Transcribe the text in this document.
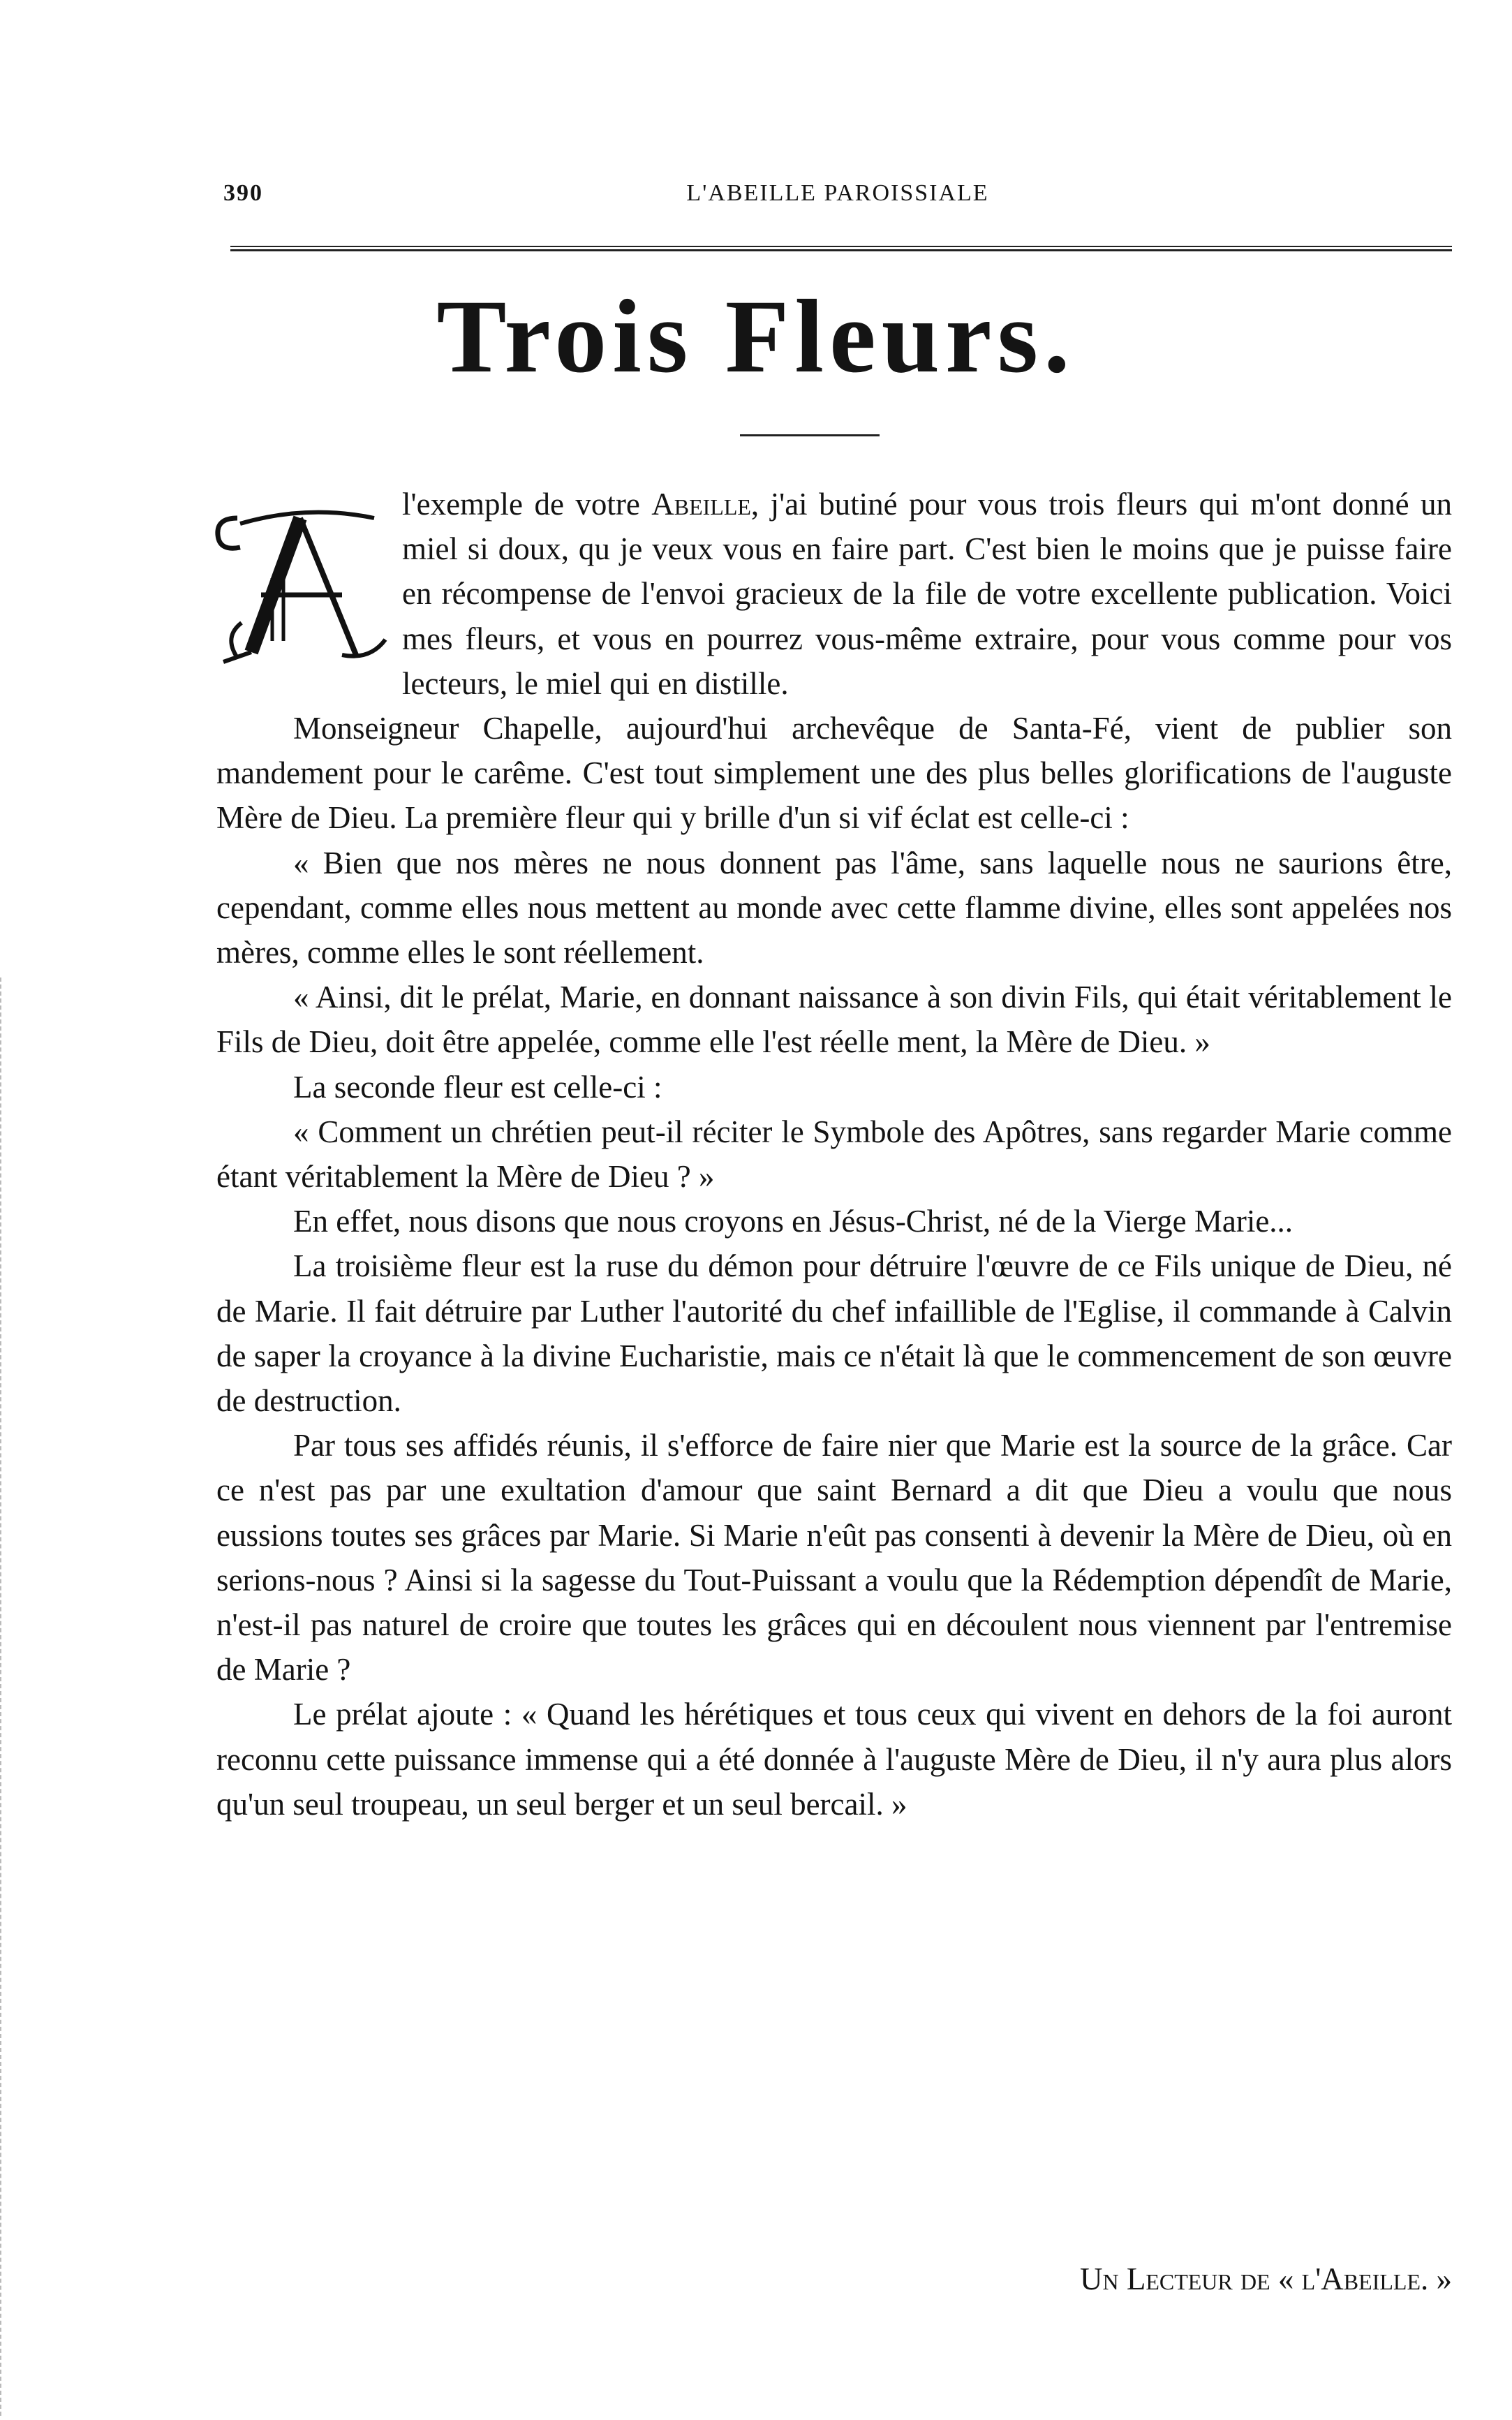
390	L'ABEILLE PAROISSIALE
Trois Fleurs.

l'exemple de votre Abeille, j'ai butiné pour vous trois fleurs qui m'ont donné un miel si doux, qu je veux vous en faire part. C'est bien le moins que je puisse faire en récompense de l'envoi gracieux de la file de votre excellente publication. Voici mes fleurs, et vous en pourrez vous-même extraire, pour vous comme pour vos lecteurs, le miel qui en distille.

Monseigneur Chapelle, aujourd'hui archevêque de Santa-Fé, vient de publier son mandement pour le carême. C'est tout simplement une des plus belles glorifications de l'auguste Mère de Dieu. La première fleur qui y brille d'un si vif éclat est celle-ci :

« Bien que nos mères ne nous donnent pas l'âme, sans laquelle nous ne saurions être, cependant, comme elles nous mettent au monde avec cette flamme divine, elles sont appelées nos mères, comme elles le sont réellement.

« Ainsi, dit le prélat, Marie, en donnant naissance à son divin Fils, qui était véritablement le Fils de Dieu, doit être appelée, comme elle l'est réelle ment, la Mère de Dieu. »

La seconde fleur est celle-ci :

« Comment un chrétien peut-il réciter le Symbole des Apôtres, sans regarder Marie comme étant véritablement la Mère de Dieu ? »

En effet, nous disons que nous croyons en Jésus-Christ, né de la Vierge Marie...

La troisième fleur est la ruse du démon pour détruire l'œuvre de ce Fils unique de Dieu, né de Marie. Il fait détruire par Luther l'autorité du chef infaillible de l'Eglise, il commande à Calvin de saper la croyance à la divine Eucharistie, mais ce n'était là que le commencement de son œuvre de destruction.

Par tous ses affidés réunis, il s'efforce de faire nier que Marie est la source de la grâce. Car ce n'est pas par une exultation d'amour que saint Bernard a dit que Dieu a voulu que nous eussions toutes ses grâces par Marie. Si Marie n'eût pas consenti à devenir la Mère de Dieu, où en serions-nous ? Ainsi si la sagesse du Tout-Puissant a voulu que la Rédemption dépendît de Marie, n'est-il pas naturel de croire que toutes les grâces qui en découlent nous viennent par l'entremise de Marie ?

Le prélat ajoute : « Quand les hérétiques et tous ceux qui vivent en dehors de la foi auront reconnu cette puissance immense qui a été donnée à l'auguste Mère de Dieu, il n'y aura plus alors qu'un seul troupeau, un seul berger et un seul bercail. »

Un Lecteur de « l'Abeille. »
